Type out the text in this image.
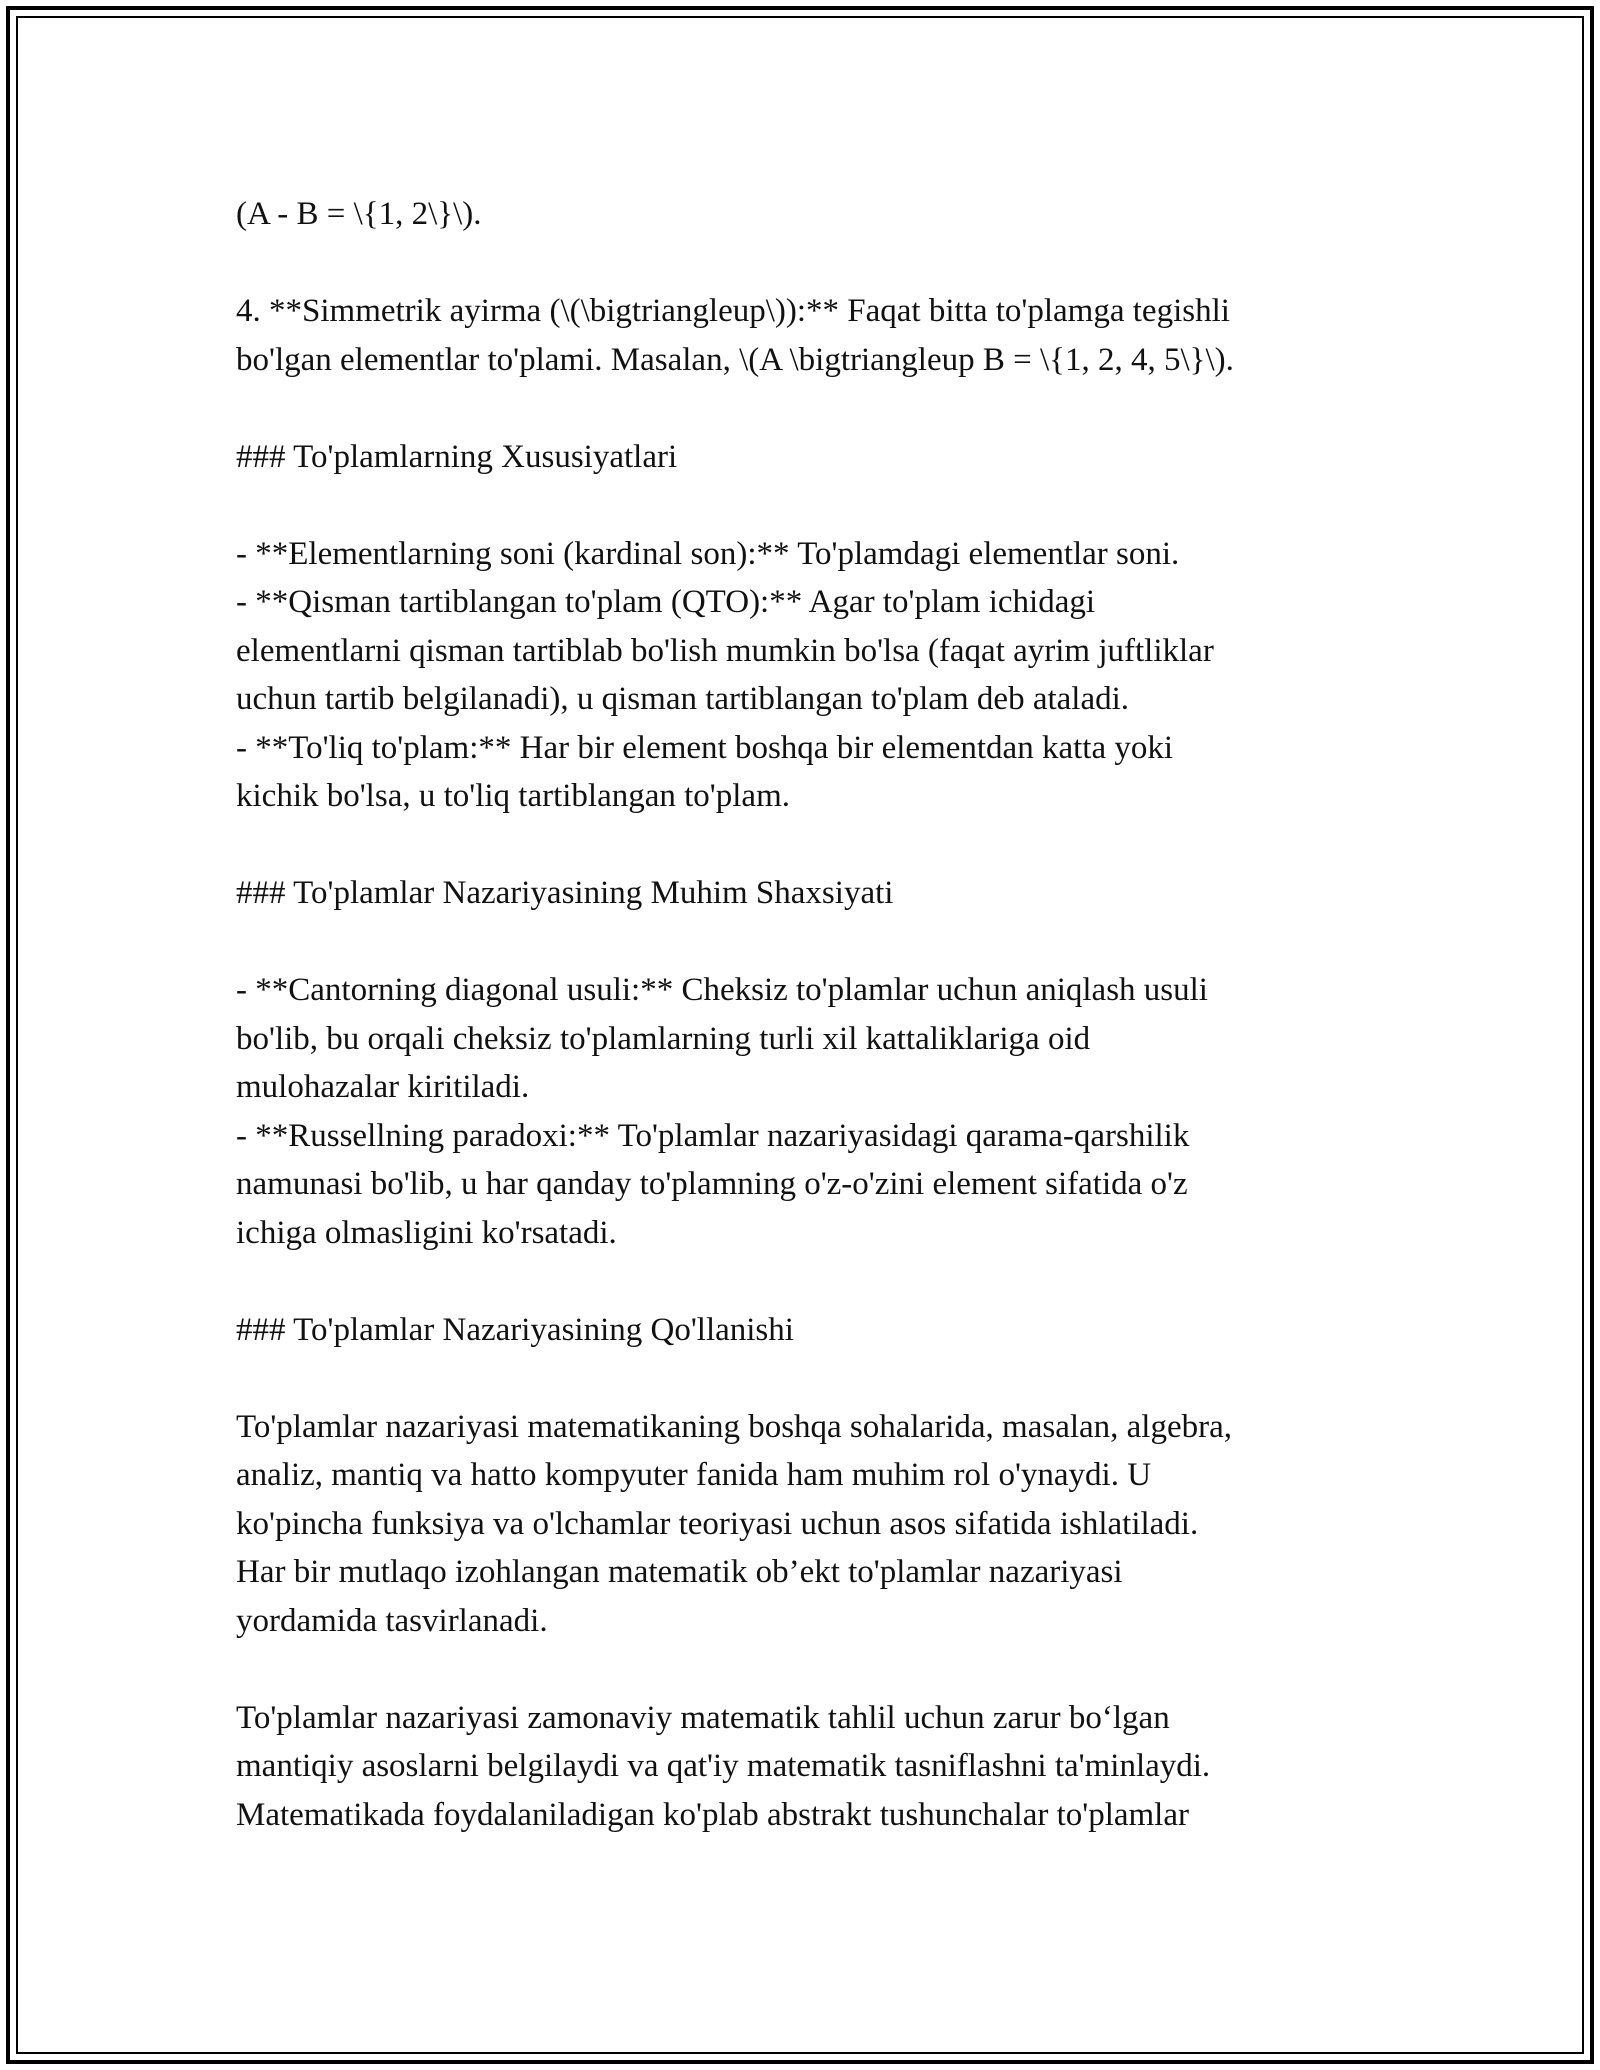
(A - B = \{1, 2\}\).
4. **Simmetrik ayirma (\(\bigtriangleup\)):** Faqat bitta to'plamga tegishli
bo'lgan elementlar to'plami. Masalan, \(A \bigtriangleup B = \{1, 2, 4, 5\}\).
### To'plamlarning Xususiyatlari
- **Elementlarning soni (kardinal son):** To'plamdagi elementlar soni.
- **Qisman tartiblangan to'plam (QTO):** Agar to'plam ichidagi
elementlarni qisman tartiblab bo'lish mumkin bo'lsa (faqat ayrim juftliklar
uchun tartib belgilanadi), u qisman tartiblangan to'plam deb ataladi.
- **To'liq to'plam:** Har bir element boshqa bir elementdan katta yoki
kichik bo'lsa, u to'liq tartiblangan to'plam.
### To'plamlar Nazariyasining Muhim Shaxsiyati
- **Cantorning diagonal usuli:** Cheksiz to'plamlar uchun aniqlash usuli
bo'lib, bu orqali cheksiz to'plamlarning turli xil kattaliklariga oid
mulohazalar kiritiladi.
- **Russellning paradoxi:** To'plamlar nazariyasidagi qarama-qarshilik
namunasi bo'lib, u har qanday to'plamning o'z-o'zini element sifatida o'z
ichiga olmasligini ko'rsatadi.
### To'plamlar Nazariyasining Qo'llanishi
To'plamlar nazariyasi matematikaning boshqa sohalarida, masalan, algebra,
analiz, mantiq va hatto kompyuter fanida ham muhim rol o'ynaydi. U
ko'pincha funksiya va o'lchamlar teoriyasi uchun asos sifatida ishlatiladi.
Har bir mutlaqo izohlangan matematik ob’ekt to'plamlar nazariyasi
yordamida tasvirlanadi.
To'plamlar nazariyasi zamonaviy matematik tahlil uchun zarur bo‘lgan
mantiqiy asoslarni belgilaydi va qat'iy matematik tasniflashni ta'minlaydi.
Matematikada foydalaniladigan ko'plab abstrakt tushunchalar to'plamlar
